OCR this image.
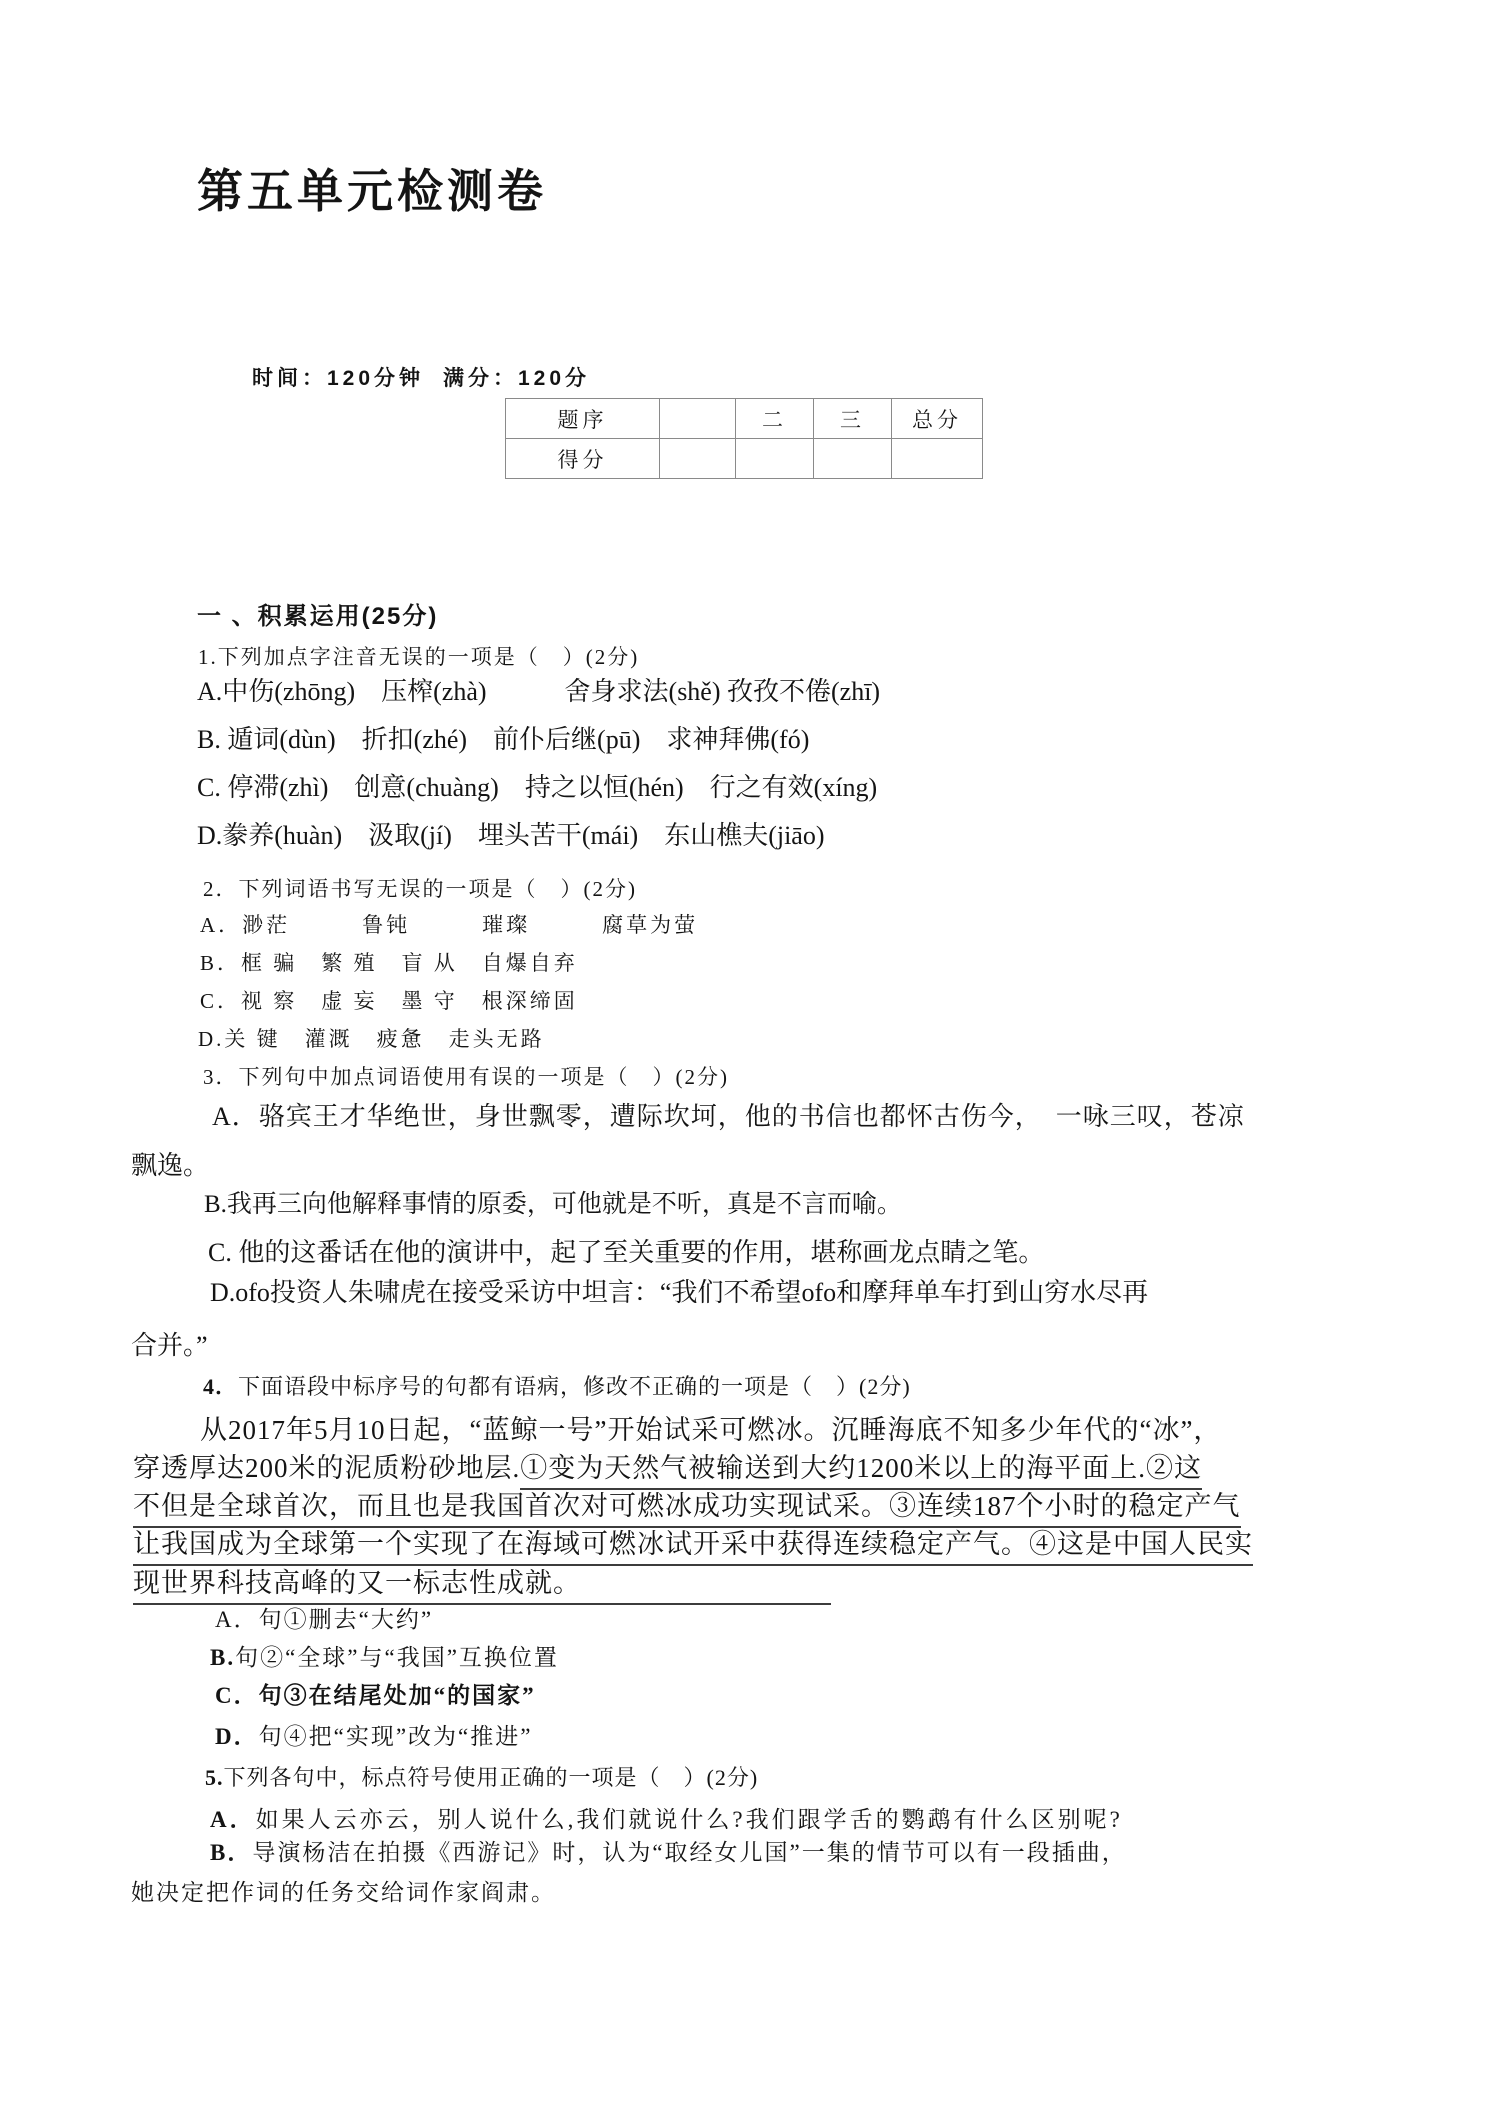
第五单元检测卷
时间：120分钟 满分：120分
题序		二	三	总分
得分				
一 、积累运用(25分)
1.下列加点字注音无误的一项是（　）(2分)
A.中伤(zhōng)　压榨(zhà)　　　舍身求法(shě) 孜孜不倦(zhī)
B. 遁词(dùn)　折扣(zhé)　前仆后继(pū)　求神拜佛(fó)
C. 停滞(zhì)　创意(chuàng)　持之以恒(hén)　行之有效(xíng)
D.豢养(huàn)　汲取(jí)　埋头苦干(mái)　东山樵夫(jiāo)
2．下列词语书写无误的一项是（　）(2分)
A．渺茫　　　鲁钝　　　璀璨　　　腐草为萤
B．框 骗　繁 殖　盲 从　自爆自弃
C．视 察　虚 妄　墨 守　根深缔固
D.关 键　灌溉　疲惫　走头无路
3．下列句中加点词语使用有误的一项是（　）(2分)
A．骆宾王才华绝世，身世飘零，遭际坎坷，他的书信也都怀古伤今，　一咏三叹，苍凉
飘逸。
B.我再三向他解释事情的原委，可他就是不听，真是不言而喻。
C. 他的这番话在他的演讲中，起了至关重要的作用，堪称画龙点睛之笔。
D.ofo投资人朱啸虎在接受采访中坦言：“我们不希望ofo和摩拜单车打到山穷水尽再
合并。”
4．下面语段中标序号的句都有语病，修改不正确的一项是（　）(2分)
从2017年5月10日起，“蓝鲸一号”开始试采可燃冰。沉睡海底不知多少年代的“冰”，
穿透厚达200米的泥质粉砂地层.①变为天然气被输送到大约1200米以上的海平面上.②这
不但是全球首次，而且也是我国首次对可燃冰成功实现试采。③连续187个小时的稳定产气
让我国成为全球第一个实现了在海域可燃冰试开采中获得连续稳定产气。④这是中国人民实
现世界科技高峰的又一标志性成就。
A．句①删去“大约”
B.句②“全球”与“我国”互换位置
C．句③在结尾处加“的国家”
D．句④把“实现”改为“推进”
5.下列各句中，标点符号使用正确的一项是（　）(2分)
A．如果人云亦云，别人说什么,我们就说什么?我们跟学舌的鹦鹉有什么区别呢?
B．导演杨洁在拍摄《西游记》时，认为“取经女儿国”一集的情节可以有一段插曲，
她决定把作词的任务交给词作家阎肃。
